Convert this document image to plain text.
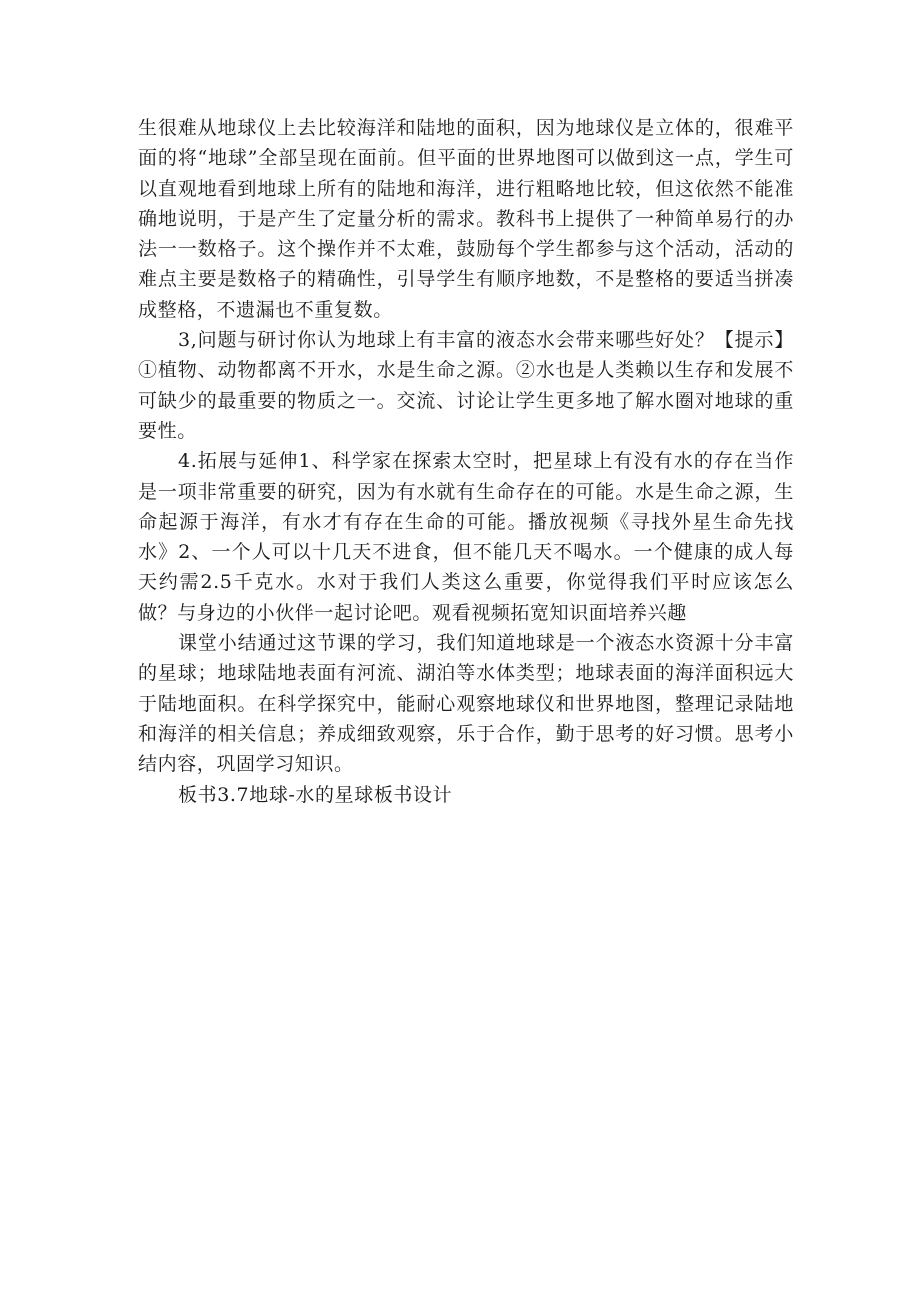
生很难从地球仪上去比较海洋和陆地的面积，因为地球仪是立体的，很难平面的将“地球”全部呈现在面前。但平面的世界地图可以做到这一点，学生可以直观地看到地球上所有的陆地和海洋，进行粗略地比较，但这依然不能准确地说明，于是产生了定量分析的需求。教科书上提供了一种简单易行的办法一一数格子。这个操作并不太难，鼓励每个学生都参与这个活动，活动的难点主要是数格子的精确性，引导学生有顺序地数，不是整格的要适当拼凑成整格，不遗漏也不重复数。

3,问题与研讨你认为地球上有丰富的液态水会带来哪些好处？【提示】①植物、动物都离不开水，水是生命之源。②水也是人类赖以生存和发展不可缺少的最重要的物质之一。交流、讨论让学生更多地了解水圈对地球的重要性。

4.拓展与延伸1、科学家在探索太空时，把星球上有没有水的存在当作是一项非常重要的研究，因为有水就有生命存在的可能。水是生命之源，生命起源于海洋，有水才有存在生命的可能。播放视频《寻找外星生命先找水》2、一个人可以十几天不进食，但不能几天不喝水。一个健康的成人每天约需2.5千克水。水对于我们人类这么重要，你觉得我们平时应该怎么做？与身边的小伙伴一起讨论吧。观看视频拓宽知识面培养兴趣

课堂小结通过这节课的学习，我们知道地球是一个液态水资源十分丰富的星球；地球陆地表面有河流、湖泊等水体类型；地球表面的海洋面积远大于陆地面积。在科学探究中，能耐心观察地球仪和世界地图，整理记录陆地和海洋的相关信息；养成细致观察，乐于合作，勤于思考的好习惯。思考小结内容，巩固学习知识。

板书3.7地球-水的星球板书设计
